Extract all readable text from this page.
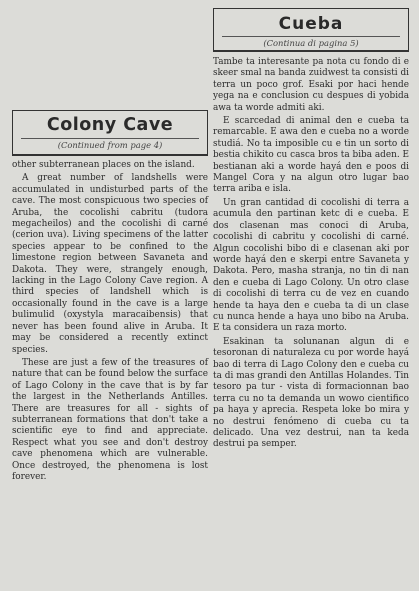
Colony Cave
(Continued from page 4)

other subterranean places on the island.

A great number of landshells were accumulated in undisturbed parts of the cave. The most conspicuous two species of Aruba, the cocolishi cabritu (tudora megacheilos) and the cocolishi di carné (cerion uva). Living specimens of the latter species appear to be confined to the limestone region between Savaneta and Dakota. They were, strangely enough, lacking in the Lago Colony Cave region. A third species of landshell which is occasionally found in the cave is a large bulimulid (oxystyla maracaibensis) that never has been found alive in Aruba. It may be considered a recently extinct species.

These are just a few of the treasures of nature that can be found below the surface of Lago Colony in the cave that is by far the largest in the Netherlands Antilles. There are treasures for all - sights of subterranean formations that don't take a scientific eye to find and appreciate. Respect what you see and don't destroy cave phenomena which are vulnerable. Once destroyed, the phenomena is lost forever.

Cueba
(Continua di pagina 5)

Tambe ta interesante pa nota cu fondo di e skeer smal na banda zuidwest ta consisti di terra un poco grof. Esaki por haci hende yega na e conclusion cu despues di yobida awa ta worde admiti aki.

E scarcedad di animal den e cueba ta remarcable. E awa den e cueba no a worde studiá. No ta imposible cu e tin un sorto di bestia chikito cu casca bros ta biba aden. E bestianan aki a worde hayá den e poos di Mangel Cora y na algun otro lugar bao terra ariba e isla.

Un gran cantidad di cocolishi di terra a acumula den partinan ketc di e cueba. E dos clasenan mas conoci di Aruba, cocolishi di cabritu y cocolishi di carné. Algun cocolishi bibo di e clasenan aki por worde hayá den e skerpi entre Savaneta y Dakota. Pero, masha stranja, no tin di nan den e cueba di Lago Colony. Un otro clase di cocolishi di terra cu de vez en cuando hende ta haya den e cueba ta di un clase cu nunca hende a haya uno bibo na Aruba. E ta considera un raza morto.

Esakinan ta solunanan algun di e tesoronan di naturaleza cu por worde hayá bao di terra di Lago Colony den e cueba cu ta di mas grandi den Antillas Holandes. Tin tesoro pa tur - vista di formacionnan bao terra cu no ta demanda un wowo cientifico pa haya y aprecia. Respeta loke bo mira y no destrui fenómeno di cueba cu ta delicado. Una vez destrui, nan ta keda destrui pa semper.
